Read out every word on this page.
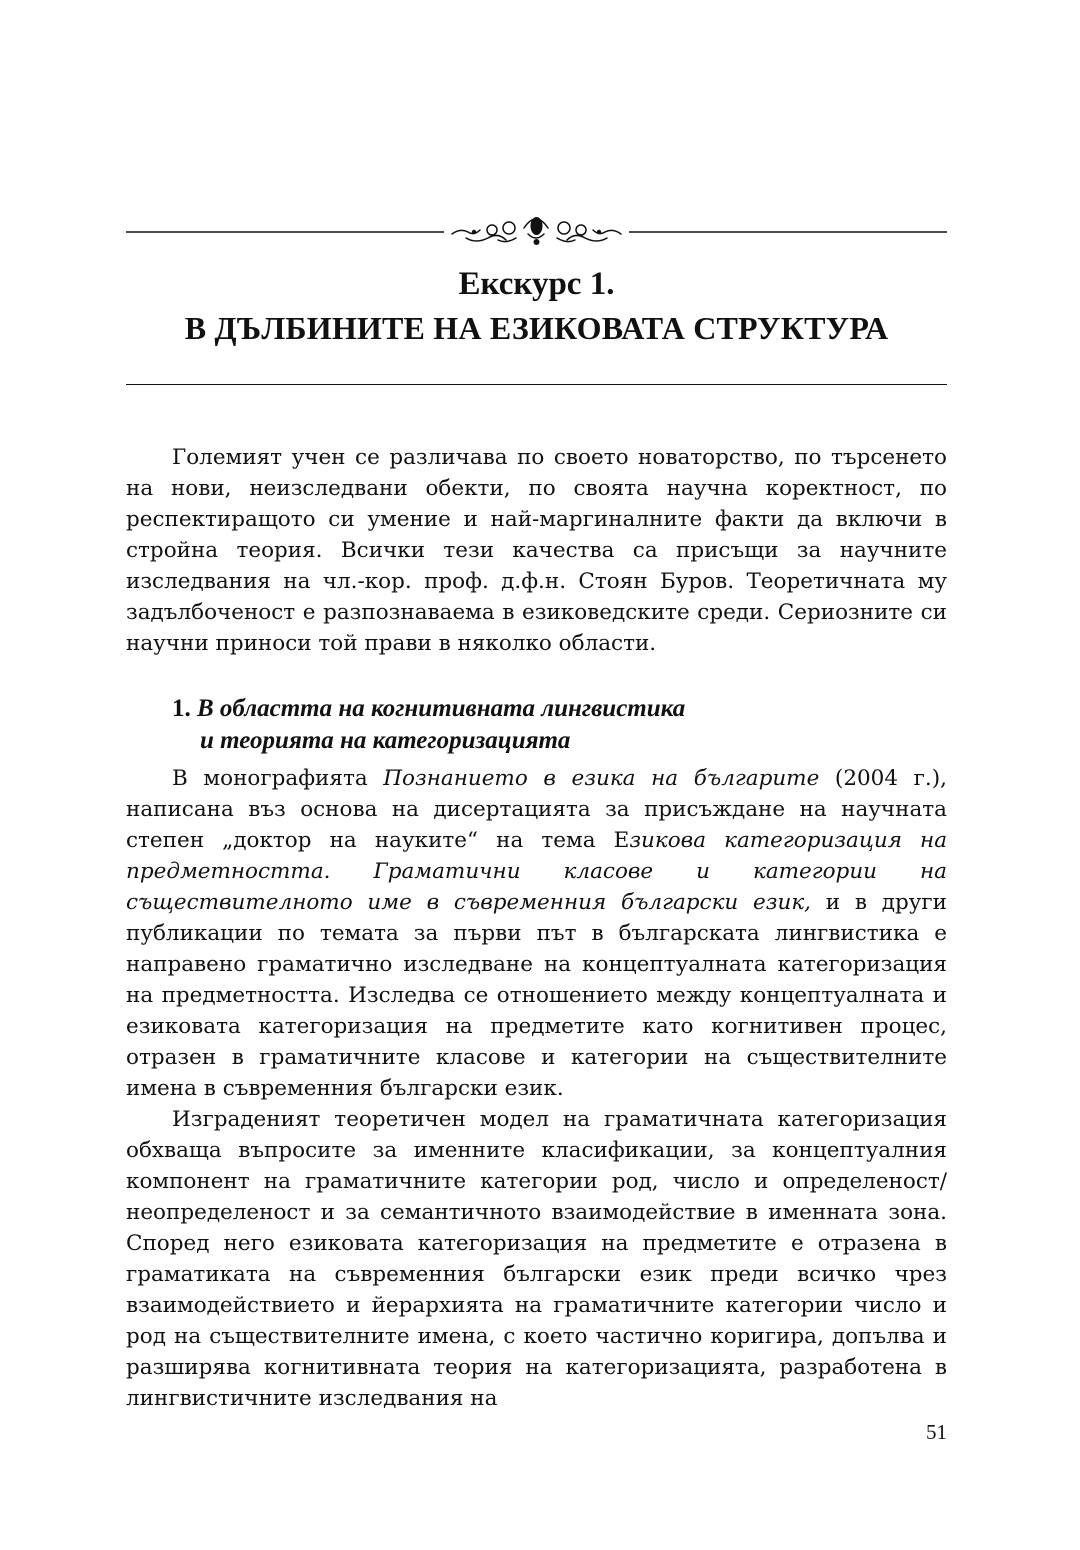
Екскурс 1.
В ДЪЛБИНИТЕ НА ЕЗИКОВАТА СТРУКТУРА

Големият учен се различава по своето новаторство, по търсенето на нови, неизследвани обекти, по своята научна коректност, по респектиращото си умение и най-маргиналните факти да включи в стройна теория. Всички тези качества са присъщи за научните изследвания на чл.-кор. проф. д.ф.н. Стоян Буров. Теоретичната му задълбоченост е разпознаваема в езиковедските среди. Сериозните си научни приноси той прави в няколко области.

1. В областта на когнитивната лингвистика
и теорията на категоризацията

В монографията Познанието в езика на българите (2004 г.), написана въз основа на дисертацията за присъждане на научната степен „доктор на науките“ на тема Езикова категоризация на предметността. Граматични класове и категории на съществителното име в съвременния български език, и в други публикации по темата за първи път в българската лингвистика е направено граматично изследване на концептуалната категоризация на предметността. Изследва се отношението между концептуалната и езиковата категоризация на предметите като когнитивен процес, отразен в граматичните класове и категории на съществителните имена в съвременния български език.

Изграденият теоретичен модел на граматичната категоризация обхваща въпросите за именните класификации, за концептуалния компонент на граматичните категории род, число и определеност/неопределеност и за семантичното взаимодействие в именната зона. Според него езиковата категоризация на предметите е отразена в граматиката на съвременния български език преди всичко чрез взаимодействието и йерархията на граматичните категории число и род на съществителните имена, с което частично коригира, допълва и разширява когнитивната теория на категоризацията, разработена в лингвистичните изследвания на

51
